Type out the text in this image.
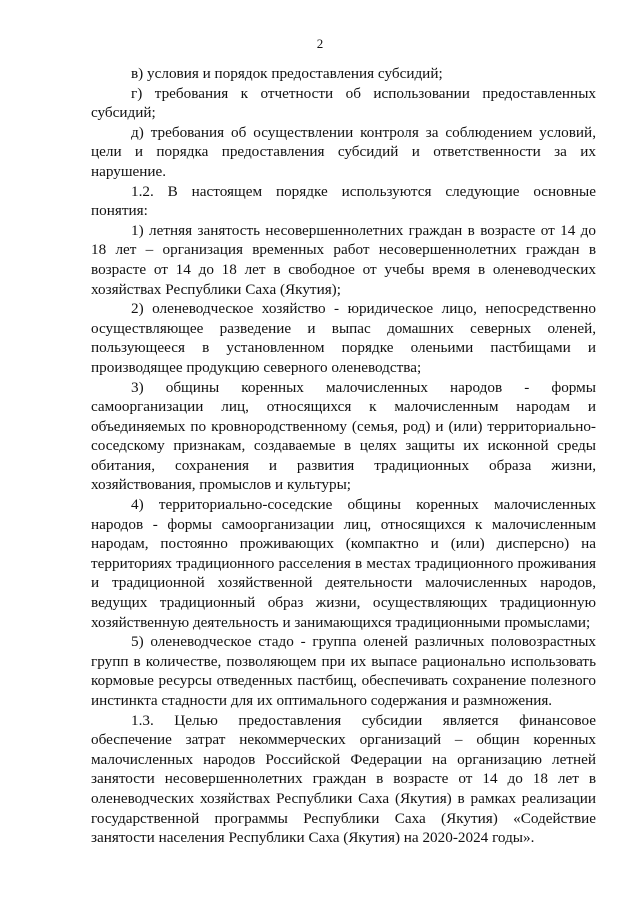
2

в) условия и порядок предоставления субсидий;

г) требования к отчетности об использовании предоставленных субсидий;

д) требования об осуществлении контроля за соблюдением условий, цели и порядка предоставления субсидий и ответственности за их нарушение.

1.2. В настоящем порядке используются следующие основные понятия:

1) летняя занятость несовершеннолетних граждан в возрасте от 14 до 18 лет – организация временных работ несовершеннолетних граждан в возрасте от 14 до 18 лет в свободное от учебы время в оленеводческих хозяйствах Республики Саха (Якутия);

2) оленеводческое хозяйство - юридическое лицо, непосредственно осуществляющее разведение и выпас домашних северных оленей, пользующееся в установленном порядке оленьими пастбищами и производящее продукцию северного оленеводства;

3) общины коренных малочисленных народов - формы самоорганизации лиц, относящихся к малочисленным народам и объединяемых по кровнородственному (семья, род) и (или) территориально-соседскому признакам, создаваемые в целях защиты их исконной среды обитания, сохранения и развития традиционных образа жизни, хозяйствования, промыслов и культуры;

4) территориально-соседские общины коренных малочисленных народов - формы самоорганизации лиц, относящихся к малочисленным народам, постоянно проживающих (компактно и (или) дисперсно) на территориях традиционного расселения в местах традиционного проживания и традиционной хозяйственной деятельности малочисленных народов, ведущих традиционный образ жизни, осуществляющих традиционную хозяйственную деятельность и занимающихся традиционными промыслами;

5) оленеводческое стадо - группа оленей различных половозрастных групп в количестве, позволяющем при их выпасе рационально использовать кормовые ресурсы отведенных пастбищ, обеспечивать сохранение полезного инстинкта стадности для их оптимального содержания и размножения.

1.3. Целью предоставления субсидии является финансовое обеспечение затрат некоммерческих организаций – общин коренных малочисленных народов Российской Федерации на организацию летней занятости несовершеннолетних граждан в возрасте от 14 до 18 лет в оленеводческих хозяйствах Республики Саха (Якутия) в рамках реализации государственной программы Республики Саха (Якутия) «Содействие занятости населения Республики Саха (Якутия) на 2020-2024 годы».
